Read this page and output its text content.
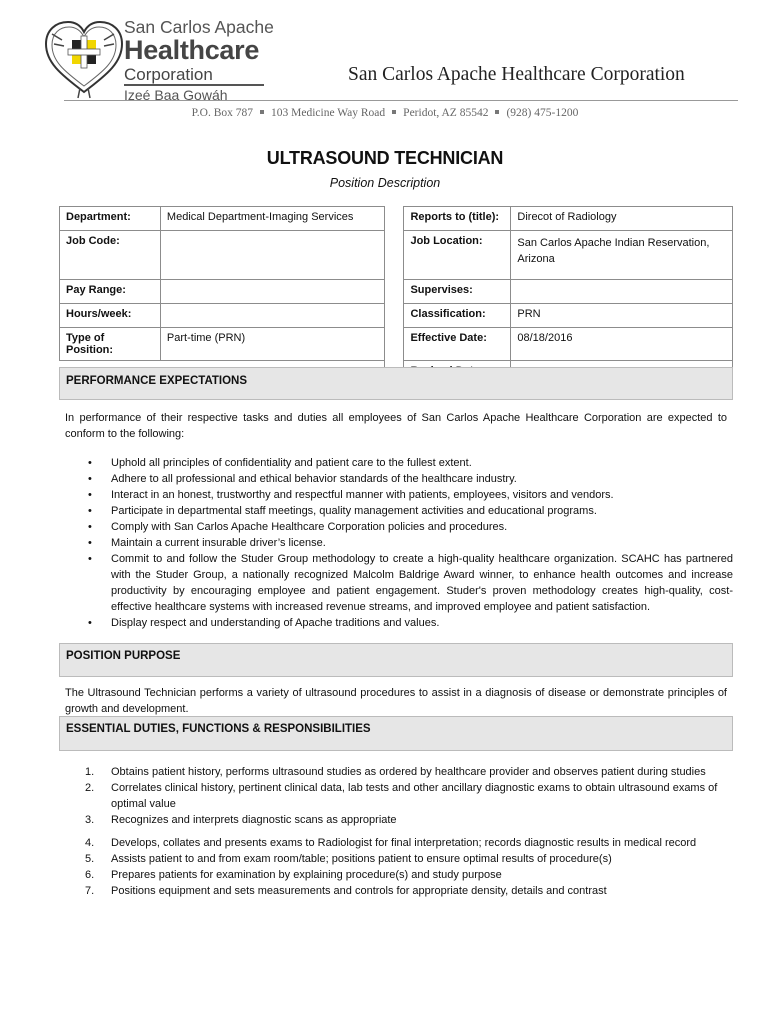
San Carlos Apache
Healthcare
Corporation
Izeé Baa Gowáh
San Carlos Apache Healthcare Corporation
P.O. Box 787 103 Medicine Way Road Peridot, AZ 85542 (928) 475-1200
ULTRASOUND TECHNICIAN
Position Description
Department:	Medical Department-Imaging Services		Reports to (title):	Direcot of Radiology
Job Code:			Job Location:	San Carlos Apache Indian Reservation, Arizona
Pay Range:			Supervises:	
Hours/week:			Classification:	PRN
Type of Position:	Part-time (PRN)		Effective Date:	08/18/2016

PERFORMANCE EXPECTATIONS
In performance of their respective tasks and duties all employees of San Carlos Apache Healthcare Corporation are expected to conform to the following:
• Uphold all principles of confidentiality and patient care to the fullest extent.
• Adhere to all professional and ethical behavior standards of the healthcare industry.
• Interact in an honest, trustworthy and respectful manner with patients, employees, visitors and vendors.
• Participate in departmental staff meetings, quality management activities and educational programs.
• Comply with San Carlos Apache Healthcare Corporation policies and procedures.
• Maintain a current insurable driver’s license.
• Commit to and follow the Studer Group methodology to create a high-quality healthcare organization. SCAHC has partnered with the Studer Group, a nationally recognized Malcolm Baldrige Award winner, to enhance health outcomes and increase productivity by encouraging employee and patient engagement. Studer's proven methodology creates high-quality, cost-effective healthcare systems with increased revenue streams, and improved employee and patient satisfaction.
• Display respect and understanding of Apache traditions and values.
POSITION PURPOSE
The Ultrasound Technician performs a variety of ultrasound procedures to assist in a diagnosis of disease or demonstrate principles of growth and development.
ESSENTIAL DUTIES, FUNCTIONS & RESPONSIBILITIES
1. Obtains patient history, performs ultrasound studies as ordered by healthcare provider and observes patient during studies
2. Correlates clinical history, pertinent clinical data, lab tests and other ancillary diagnostic exams to obtain ultrasound exams of optimal value
3. Recognizes and interprets diagnostic scans as appropriate
4. Develops, collates and presents exams to Radiologist for final interpretation; records diagnostic results in medical record
5. Assists patient to and from exam room/table; positions patient to ensure optimal results of procedure(s)
6. Prepares patients for examination by explaining procedure(s) and study purpose
7. Positions equipment and sets measurements and controls for appropriate density, details and contrast
